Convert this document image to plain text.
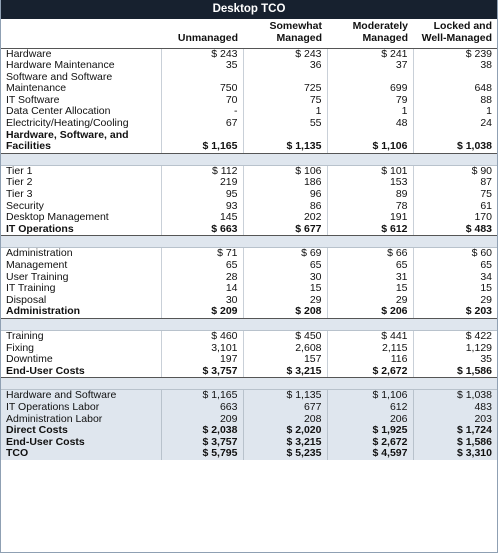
Desktop TCO
	Unmanaged	Somewhat Managed	Moderately Managed	Locked and Well-Managed
Hardware	$ 243	$ 243	$ 241	$ 239
Hardware Maintenance	35	36	37	38
Software and Software Maintenance	750	725	699	648
IT Software	70	75	79	88
Data Center Allocation	-	1	1	1
Electricity/Heating/Cooling	67	55	48	24
Hardware, Software, and Facilities	$ 1,165	$ 1,135	$ 1,106	$ 1,038
Tier 1	$ 112	$ 106	$ 101	$ 90
Tier 2	219	186	153	87
Tier 3	95	96	89	75
Security	93	86	78	61
Desktop Management	145	202	191	170
IT Operations	$ 663	$ 677	$ 612	$ 483
Administration	$ 71	$ 69	$ 66	$ 60
Management	65	65	65	65
User Training	28	30	31	34
IT Training	14	15	15	15
Disposal	30	29	29	29
Administration	$ 209	$ 208	$ 206	$ 203
Training	$ 460	$ 450	$ 441	$ 422
Fixing	3,101	2,608	2,115	1,129
Downtime	197	157	116	35
End-User Costs	$ 3,757	$ 3,215	$ 2,672	$ 1,586
Hardware and Software	$ 1,165	$ 1,135	$ 1,106	$ 1,038
IT Operations Labor	663	677	612	483
Administration Labor	209	208	206	203
Direct Costs	$ 2,038	$ 2,020	$ 1,925	$ 1,724
End-User Costs	$ 3,757	$ 3,215	$ 2,672	$ 1,586
TCO	$ 5,795	$ 5,235	$ 4,597	$ 3,310
